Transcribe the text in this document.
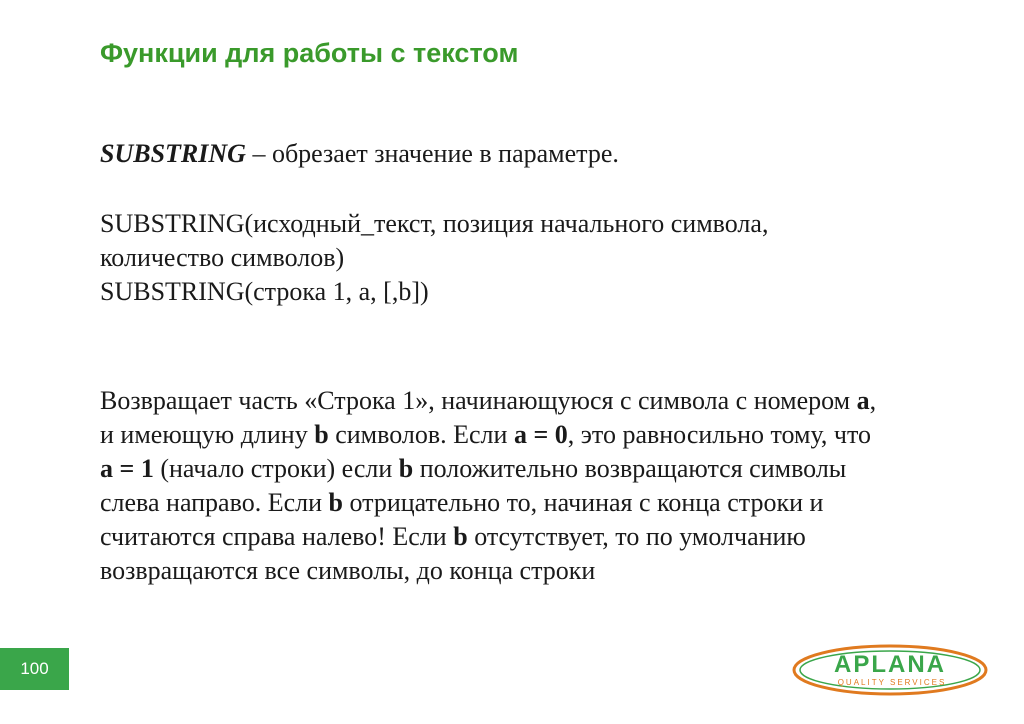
Функции для работы с текстом
SUBSTRING – обрезает значение в параметре.
SUBSTRING(исходный_текст, позиция начального символа,
количество символов)
SUBSTRING(строка 1, а, [,b])
Возвращает часть «Строка 1», начинающуюся с символа с номером a,
и имеющую длину b символов. Если a = 0, это равносильно тому, что
a = 1 (начало строки) если b положительно возвращаются символы
слева направо. Если b отрицательно то, начиная с конца строки и
считаются справа налево! Если b отсутствует, то по умолчанию
возвращаются все символы, до конца строки
100	APLANA
QUALITY SERVICES
